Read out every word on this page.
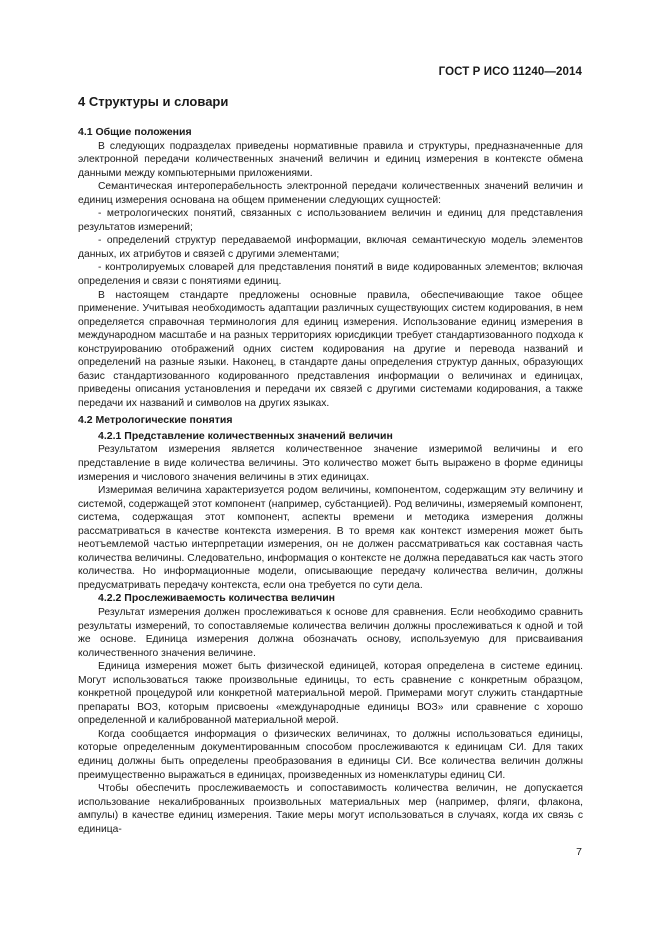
ГОСТ Р ИСО 11240—2014
4 Структуры и словари
4.1 Общие положения

В следующих подразделах приведены нормативные правила и структуры, предназначенные для электронной передачи количественных значений величин и единиц измерения в контексте обмена данными между компьютерными приложениями.

Семантическая интероперабельность электронной передачи количественных значений величин и единиц измерения основана на общем применении следующих сущностей:

- метрологических понятий, связанных с использованием величин и единиц для представления результатов измерений;

- определений структур передаваемой информации, включая семантическую модель элементов данных, их атрибутов и связей с другими элементами;

- контролируемых словарей для представления понятий в виде кодированных элементов; включая определения и связи с понятиями единиц.

В настоящем стандарте предложены основные правила, обеспечивающие такое общее применение. Учитывая необходимость адаптации различных существующих систем кодирования, в нем определяется справочная терминология для единиц измерения. Использование единиц измерения в международном масштабе и на разных территориях юрисдикции требует стандартизованного подхода к конструированию отображений одних систем кодирования на другие и перевода названий и определений на разные языки. Наконец, в стандарте даны определения структур данных, образующих базис стандартизованного кодированного представления информации о величинах и единицах, приведены описания установления и передачи их связей с другими системами кодирования, а также передачи их названий и символов на других языках.

4.2 Метрологические понятия
4.2.1 Представление количественных значений величин

Результатом измерения является количественное значение измеримой величины и его представление в виде количества величины. Это количество может быть выражено в форме единицы измерения и числового значения величины в этих единицах.

Измеримая величина характеризуется родом величины, компонентом, содержащим эту величину и системой, содержащей этот компонент (например, субстанцией). Род величины, измеряемый компонент, система, содержащая этот компонент, аспекты времени и методика измерения должны рассматриваться в качестве контекста измерения. В то время как контекст измерения может быть неотъемлемой частью интерпретации измерения, он не должен рассматриваться как составная часть количества величины. Следовательно, информация о контексте не должна передаваться как часть этого количества. Но информационные модели, описывающие передачу количества величин, должны предусматривать передачу контекста, если она требуется по сути дела.

4.2.2 Прослеживаемость количества величин

Результат измерения должен прослеживаться к основе для сравнения. Если необходимо сравнить результаты измерений, то сопоставляемые количества величин должны прослеживаться к одной и той же основе. Единица измерения должна обозначать основу, используемую для присваивания количественного значения величине.

Единица измерения может быть физической единицей, которая определена в системе единиц. Могут использоваться также произвольные единицы, то есть сравнение с конкретным образцом, конкретной процедурой или конкретной материальной мерой. Примерами могут служить стандартные препараты ВОЗ, которым присвоены «международные единицы ВОЗ» или сравнение с хорошо определенной и калиброванной материальной мерой.

Когда сообщается информация о физических величинах, то должны использоваться единицы, которые определенным документированным способом прослеживаются к единицам СИ. Для таких единиц должны быть определены преобразования в единицы СИ. Все количества величин должны преимущественно выражаться в единицах, произведенных из номенклатуры единиц СИ.

Чтобы обеспечить прослеживаемость и сопоставимость количества величин, не допускается использование некалиброванных произвольных материальных мер (например, фляги, флакона, ампулы) в качестве единиц измерения. Такие меры могут использоваться в случаях, когда их связь с единица-

7
